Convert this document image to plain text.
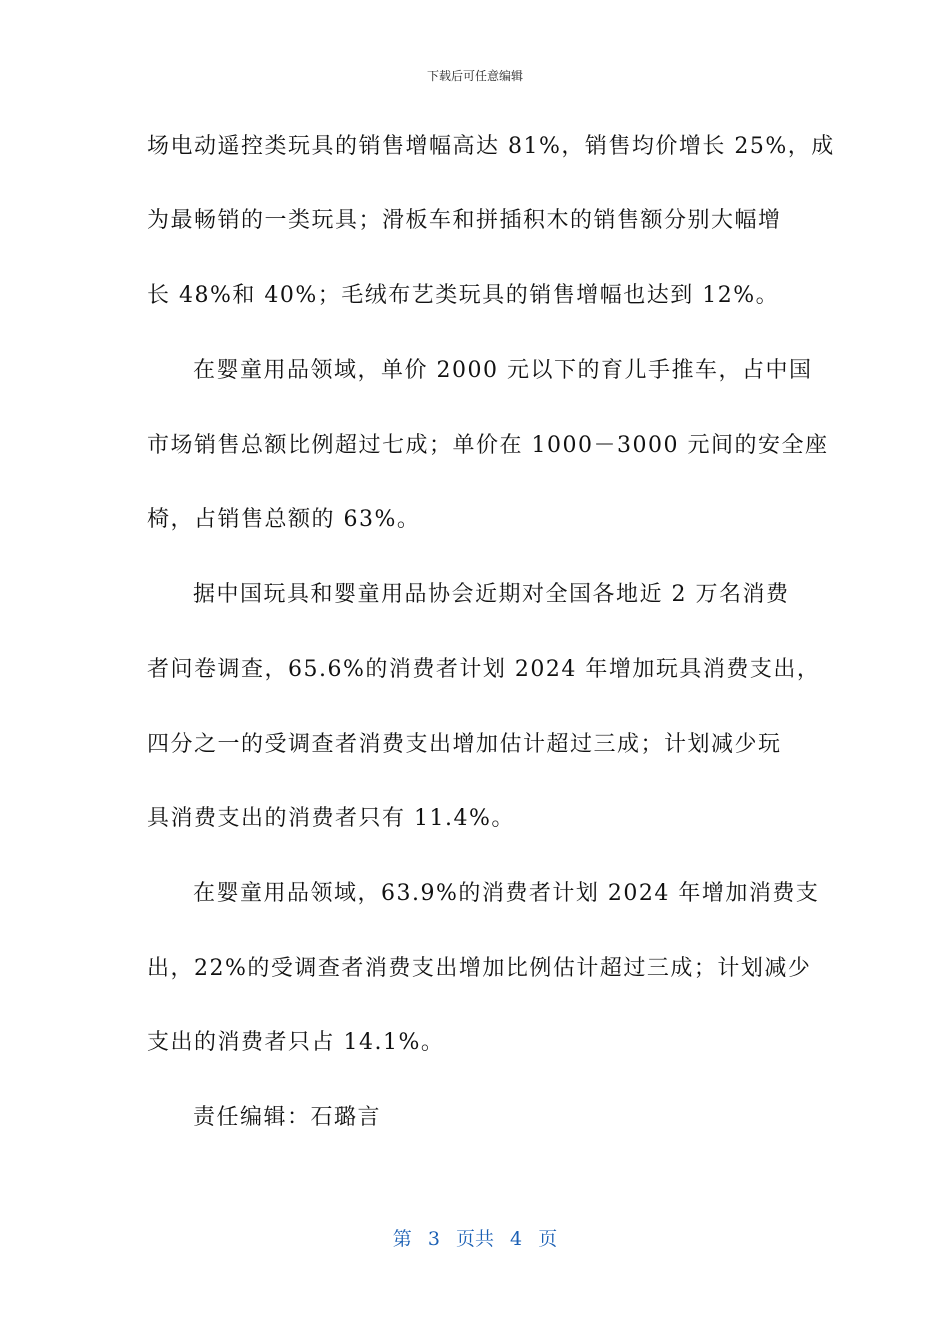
下载后可任意编辑
场电动遥控类玩具的销售增幅高达 81%，销售均价增长 25%，成
为最畅销的一类玩具；滑板车和拼插积木的销售额分别大幅增
长 48%和 40%；毛绒布艺类玩具的销售增幅也达到 12%。
在婴童用品领域，单价 2000 元以下的育儿手推车，占中国
市场销售总额比例超过七成；单价在 1000－3000 元间的安全座
椅，占销售总额的 63%。
据中国玩具和婴童用品协会近期对全国各地近 2 万名消费
者问卷调查，65.6%的消费者计划 2024 年增加玩具消费支出，
四分之一的受调查者消费支出增加估计超过三成；计划减少玩
具消费支出的消费者只有 11.4%。
在婴童用品领域，63.9%的消费者计划 2024 年增加消费支
出，22%的受调查者消费支出增加比例估计超过三成；计划减少
支出的消费者只占 14.1%。
责任编辑：石璐言
第 3 页共 4 页
